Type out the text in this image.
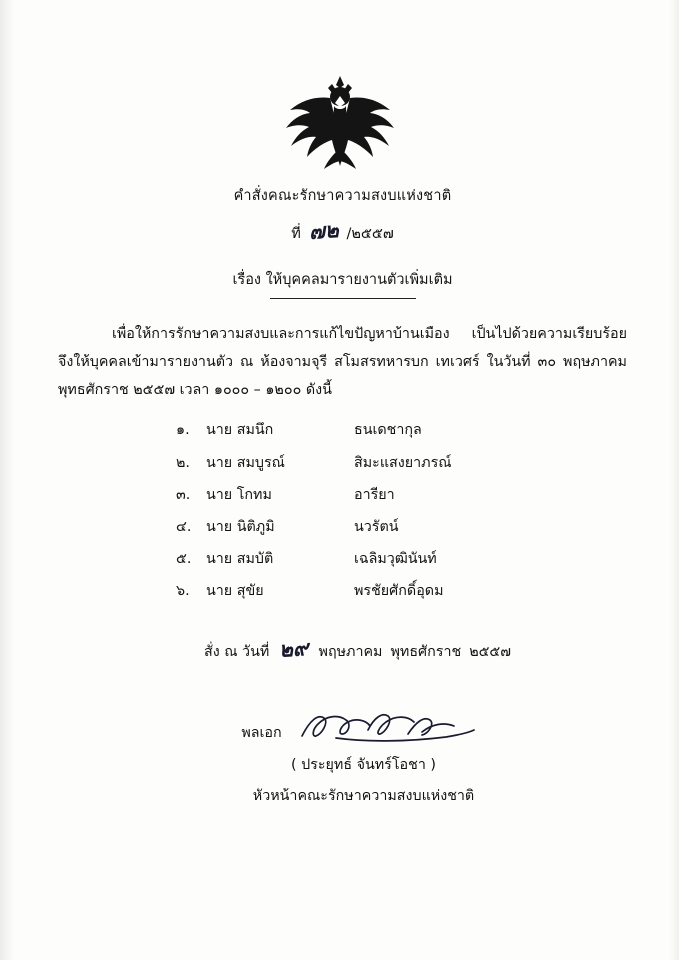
คำสั่งคณะรักษาความสงบแห่งชาติ
ที่ ๗๒ /๒๕๕๗
เรื่อง ให้บุคคลมารายงานตัวเพิ่มเติม
เพื่อให้การรักษาความสงบและการแก้ไขปัญหาบ้านเมือง เป็นไปด้วยความเรียบร้อย จึงให้บุคคลเข้ามารายงานตัว ณ ห้องจามจุรี สโมสรทหารบก เทเวศร์ ในวันที่ ๓๐ พฤษภาคม พุทธศักราช ๒๕๕๗ เวลา ๑๐๐๐ – ๑๒๐๐ ดังนี้
๑.	นาย สมนึก	ธนเดชากุล
๒.	นาย สมบูรณ์	สิมะแสงยาภรณ์
๓.	นาย โกทม	อารียา
๔.	นาย นิติภูมิ	นวรัตน์
๕.	นาย สมบัติ	เฉลิมวุฒินันท์
๖.	นาย สุขัย	พรชัยศักดิ์อุดม
สั่ง ณ วันที่ ๒๙ พฤษภาคม พุทธศักราช ๒๕๕๗
พลเอก
( ประยุทธ์ จันทร์โอชา )
หัวหน้าคณะรักษาความสงบแห่งชาติ
